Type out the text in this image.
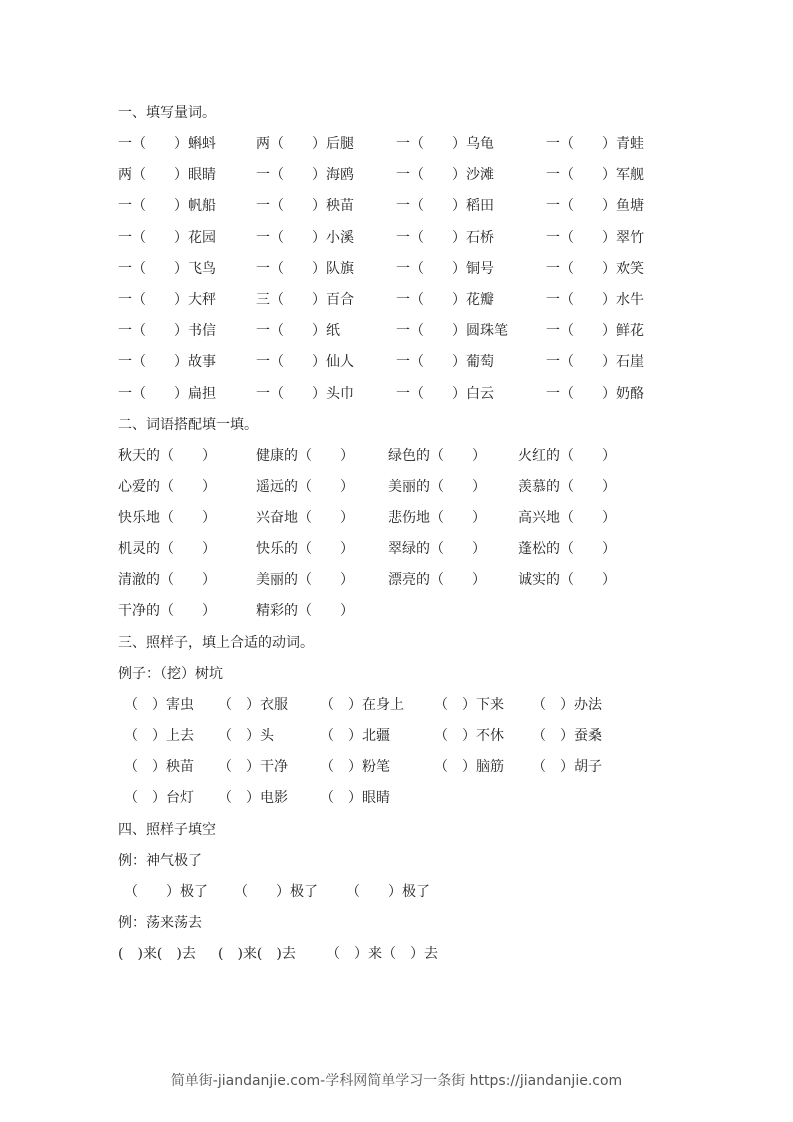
一、填写量词。
一（　　）蝌蚪	两（　　）后腿	一（　　）乌龟	一（　　）青蛙
两（　　）眼睛	一（　　）海鸥	一（　　）沙滩	一（　　）军舰
一（　　）帆船	一（　　）秧苗	一（　　）稻田	一（　　）鱼塘
一（　　）花园	一（　　）小溪	一（　　）石桥	一（　　）翠竹
一（　　）飞鸟	一（　　）队旗	一（　　）铜号	一（　　）欢笑
一（　　）大秤	三（　　）百合	一（　　）花瓣	一（　　）水牛
一（　　）书信	一（　　）纸	一（　　）圆珠笔	一（　　）鲜花
一（　　）故事	一（　　）仙人	一（　　）葡萄	一（　　）石崖
一（　　）扁担	一（　　）头巾	一（　　）白云	一（　　）奶酪
二、词语搭配填一填。
秋天的（　　）	健康的（　　） 绿色的（　　） 火红的（　　）
心爱的（　　）	遥远的（　　） 美丽的（　　） 羡慕的（　　）
快乐地（　　）	兴奋地（　　） 悲伤地（　　） 高兴地（　　）
机灵的（　　）	快乐的（　　） 翠绿的（　　） 蓬松的（　　）
清澈的（　　）	美丽的（　　） 漂亮的（　　） 诚实的（　　）
干净的（　　）	精彩的（　　）
三、照样子，填上合适的动词。
例子：（挖）树坑
（　）害虫 （　）衣服 （　）在身上 （　）下来 （　）办法
（　）上去 （　）头	（　）北疆	（　）不休 （　）蚕桑
（　）秧苗 （　）干净 （　）粉笔	（　）脑筋 （　）胡子
（　）台灯 （　）电影 （　）眼睛
四、照样子填空
例：神气极了
（　　）极了 （　　）极了 （　　）极了
例：荡来荡去
(　)来(　)去 (　)来(　)去 （　）来（　）去
简单街-jiandanjie.com-学科网简单学习一条街 https://jiandanjie.com
